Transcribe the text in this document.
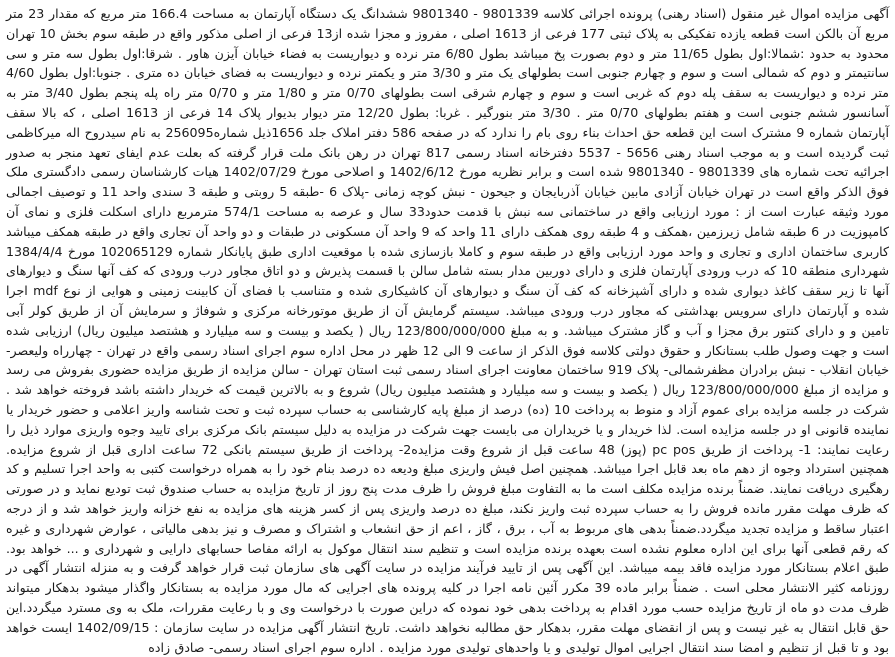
آگهی مزایده اموال غیر منقول (اسناد رهنی) پرونده اجرائی کلاسه 9801339 - 9801340 ششدانگ یک دستگاه آپارتمان به مساحت 166.4 متر مربع که مقدار 23 متر مربع آن بالکن است قطعه یازده تفکیکی به پلاک ثبتی 177 فرعی از 1613 اصلی ، مفروز و مجزا شده از13 فرعی از اصلی مذکور واقع در طبقه سوم بخش 10 تهران محدود به حدود :شمالا:اول بطول 11/65 متر و دوم بصورت پخ میباشد بطول 6/80 متر نرده و دیواریست به فضاء خیابان آیزن هاور . شرقا:اول بطول سه متر و سی سانتیمتر و دوم که شمالی است و سوم و چهارم جنوبی است بطولهای یک متر و 3/30 متر و یکمتر نرده و دیواریست به فضای خیابان ده متری . جنوبا:اول بطول 4/60 متر نرده و دیواریست به سقف پله دوم که غربی است و سوم و چهارم شرقی است بطولهای 0/70 متر و 1/80 متر و 0/70 متر راه پله پنجم بطول 3/40 متر به آسانسور ششم جنوبی است و هفتم بطولهای 0/70 متر . 3/30 متر بنورگیر . غربا: بطول 12/20 متر دیوار بدیوار پلاک 14 فرعی از 1613 اصلی ، که بالا سقف آپارتمان شماره 9 مشترک است این قطعه حق احداث بناء روی بام را ندارد که در صفحه 586 دفتر املاک جلد 1656ذیل شماره256095 به نام سیدروح اله میرکاظمی ثبت گردیده است و به موجب اسناد رهنی 5656 - 5537 دفترخانه اسناد رسمی 817 تهران در رهن بانک ملت قرار گرفته که بعلت عدم ایفای تعهد منجر به صدور اجرائیه تحت شماره های 9801339 - 9801340 شده است و برابر نظریه مورخ 1402/6/12 و اصلاحی مورخ 1402/07/29 هیات کارشناسان رسمی دادگستری ملک فوق الذکر واقع است در تهران خیابان آزادی مابین خیابان آذربایجان و جیحون - نبش کوچه زمانی -پلاک 6 -طبقه 5 روبتی و طبقه 3 سندی واحد 11 و توصیف اجمالی مورد وثیقه عبارت است از : مورد ارزیابی واقع در ساختمانی سه نبش با قدمت حدود33 سال و عرصه به مساحت 574/1 مترمربع دارای اسکلت فلزی و نمای آن کامپوزیت در 6 طبقه شامل زیرزمین ،همکف و 4 طبقه روی همکف دارای 11 واحد که 9 واحد آن مسکونی در طبقات و دو واحد آن تجاری واقع در طبقه همکف میباشد کاربری ساختمان اداری و تجاری و واحد مورد ارزیابی واقع در طبقه سوم و کاملا بازسازی شده با موقعیت اداری طبق پایانکار شماره 102065129 مورخ 1384/4/4 شهرداری منطقه 10 که درب ورودی آپارتمان فلزی و دارای دوربین مدار بسته شامل سالن با قسمت پذیرش و دو اتاق مجاور درب ورودی که کف آنها سنگ و دیوارهای آنها تا زیر سقف کاغذ دیواری شده و دارای آشپزخانه که کف آن سنگ و دیوارهای آن کاشیکاری شده و متناسب با فضای آن کابینت زمینی و هوایی از نوع mdf اجرا شده و آپارتمان دارای سرویس بهداشتی که مجاور درب ورودی میباشد. سیستم گرمایش آن از طریق موتورخانه مرکزی و شوفاژ و سرمایش آن از طریق کولر آبی تامین و و دارای کنتور برق مجزا و آب و گاز مشترک میباشد. و به مبلغ 123/800/000/000 ریال ( یکصد و بیست و سه میلیارد و هشتصد میلیون ریال) ارزیابی شده است و جهت وصول طلب بستانکار و حقوق دولتی کلاسه فوق الذکر از ساعت 9 الی 12 ظهر در محل اداره سوم اجرای اسناد رسمی واقع در تهران - چهارراه ولیعصر- خیابان انقلاب - نبش برادران مظفرشمالی- پلاک 919 ساختمان معاونت اجرای اسناد رسمی ثبت استان تهران - سالن مزایده از طریق مزایده حضوری بفروش می رسد و مزایده از مبلغ 123/800/000/000 ریال ( یکصد و بیست و سه میلیارد و هشتصد میلیون ریال) شروع و به بالاترین قیمت که خریدار داشته باشد فروخته خواهد شد . شرکت در جلسه مزایده برای عموم آزاد و منوط به پرداخت 10 (ده) درصد از مبلغ پایه کارشناسی به حساب سپرده ثبت و تحت شناسه واریز اعلامی و حضور خریدار یا نماینده قانونی او در جلسه مزایده است. لذا خریدار و یا خریداران می بایست جهت شرکت در مزایده به دلیل سیستم بانک مرکزی برای تایید وجوه واریزی موارد ذیل را رعایت نمایند: 1- پرداخت از طریق pc pos (پوز) 48 ساعت قبل از شروع وقت مزایده2- پرداخت از طریق سیستم بانکی 72 ساعت اداری قبل از شروع مزایده. همچنین استرداد وجوه از دهم ماه بعد قابل اجرا میباشد. همچنین اصل فیش واریزی مبلغ ودیعه ده درصد بنام خود را به همراه درخواست کتبی به واحد اجرا تسلیم و کد رهگیری دریافت نمایند. ضمناً برنده مزایده مکلف است ما به التفاوت مبلغ فروش را ظرف مدت پنج روز از تاریخ مزایده به حساب صندوق ثبت تودیع نماید و در صورتی که ظرف مهلت مقرر مانده فروش را به حساب سپرده ثبت واریز نکند، مبلغ ده درصد واریزی پس از کسر هزینه های مزایده به نفع خزانه واریز خواهد شد و از درجه اعتبار ساقط و مزایده تجدید میگردد.ضمناً بدهی های مربوط به آب ، برق ، گاز ، اعم از حق انشعاب و اشتراک و مصرف و نیز بدهی مالیاتی ، عوارض شهرداری و غیره که رقم قطعی آنها برای این اداره معلوم نشده است بعهده برنده مزایده است و تنظیم سند انتقال موکول به ارائه مفاصا حسابهای دارایی و شهرداری و ... خواهد بود. طبق اعلام بستانکار مورد مزایده فاقد بیمه میباشد. این آگهی پس از تایید فرآیند مزایده در سایت آگهی های سازمان ثبت قرار خواهد گرفت و به منزله انتشار آگهی در روزنامه کثیر الانتشار محلی است . ضمناً برابر ماده 39 مکرر آئین نامه اجرا در کلیه پرونده های اجرایی که مال مورد مزایده به بستانکار واگذار میشود بدهکار میتواند ظرف مدت دو ماه از تاریخ مزایده حسب مورد اقدام به پرداخت بدهی خود نموده که دراین صورت با درخواست وی و با رعایت مقررات، ملک به وی مسترد میگردد.این حق قابل انتقال به غیر نیست و پس از انقضای مهلت مقرر، بدهکار حق مطالبه نخواهد داشت. تاریخ انتشار آگهی مزایده در سایت سازمان : 1402/09/15 ایست خواهد بود و تا قبل از تنظیم و امضا سند انتقال اجرایی اموال تولیدی و یا واحدهای تولیدی مورد مزایده . اداره سوم اجرای اسناد رسمی- صادق زاده
